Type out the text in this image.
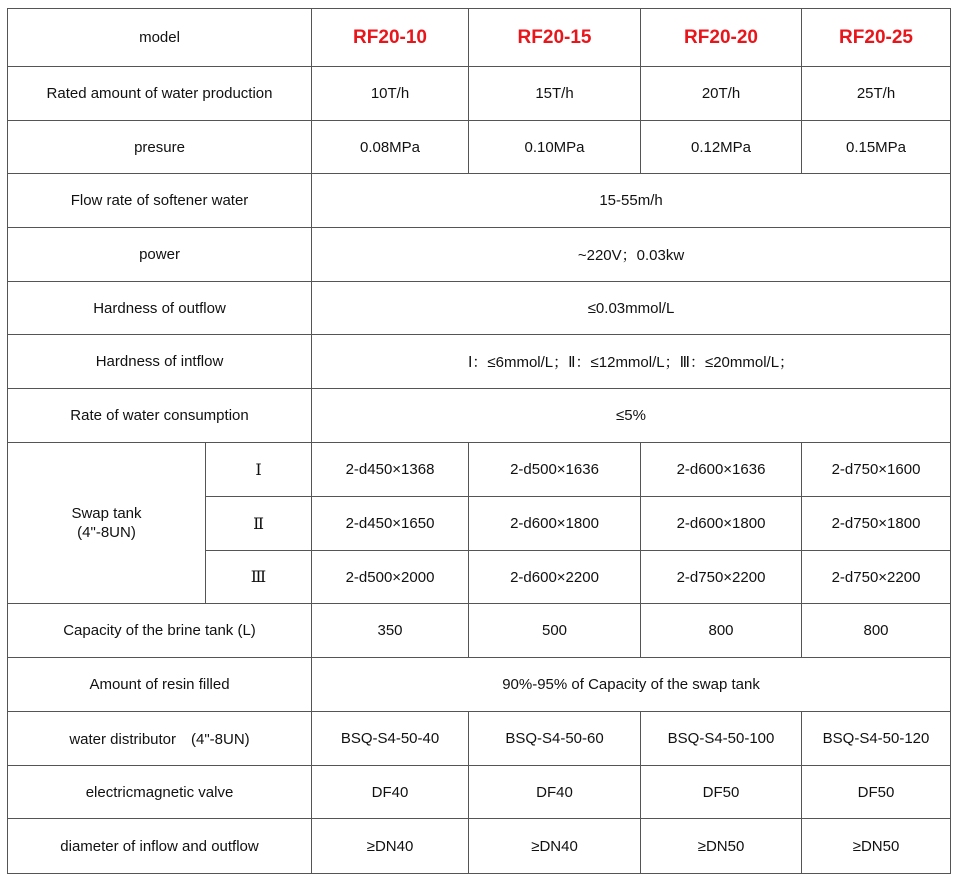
model		RF20-10	RF20-15	RF20-20	RF20-25
Rated amount of water production		10T/h	15T/h	20T/h	25T/h
presure		0.08MPa	0.10MPa	0.12MPa	0.15MPa
Flow rate of softener water		15-55m/h			
power		~220V；0.03kw			
Hardness of outflow		≤0.03mmol/L			
Hardness of intflow		Ⅰ：≤6mmol/L；Ⅱ：≤12mmol/L；Ⅲ：≤20mmol/L；			
Rate of water consumption		≤5%			

Swap tank
(4"-8UN)	Ⅰ	2-d450×1368	2-d500×1636	2-d600×1636	2-d750×1600
	Ⅱ	2-d450×1650	2-d600×1800	2-d600×1800	2-d750×1800
	Ⅲ	2-d500×2000	2-d600×2200	2-d750×2200	2-d750×2200
Capacity of the brine tank (L)		350	500	800	800
Amount of resin filled		90%-95% of Capacity of the swap tank			
water distributor　(4"-8UN)		BSQ-S4-50-40	BSQ-S4-50-60	BSQ-S4-50-100	BSQ-S4-50-120
electricmagnetic valve		DF40	DF40	DF50	DF50
diameter of inflow and outflow		≥DN40	≥DN40	≥DN50	≥DN50
